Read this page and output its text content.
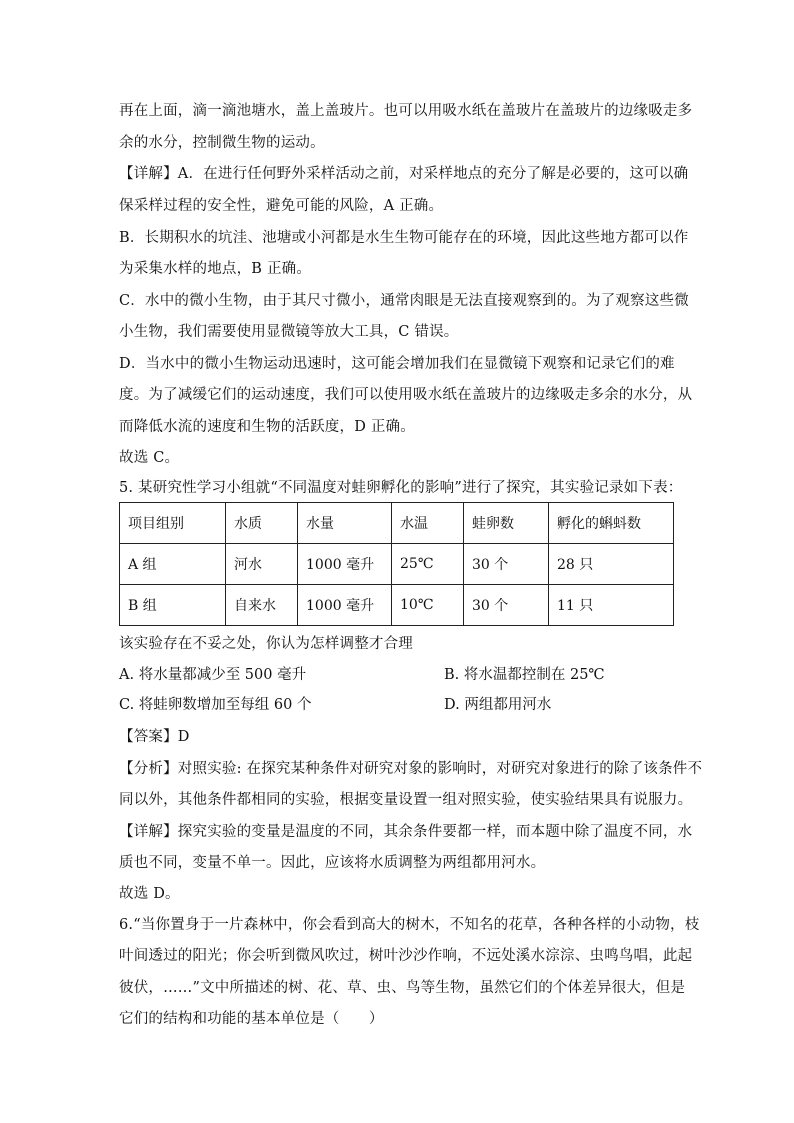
再在上面，滴一滴池塘水，盖上盖玻片。也可以用吸水纸在盖玻片在盖玻片的边缘吸走多
余的水分，控制微生物的运动。
【详解】A．在进行任何野外采样活动之前，对采样地点的充分了解是必要的，这可以确
保采样过程的安全性，避免可能的风险，A 正确。
B．长期积水的坑洼、池塘或小河都是水生生物可能存在的环境，因此这些地方都可以作
为采集水样的地点，B 正确。
C．水中的微小生物，由于其尺寸微小，通常肉眼是无法直接观察到的。为了观察这些微
小生物，我们需要使用显微镜等放大工具，C 错误。
D．当水中的微小生物运动迅速时，这可能会增加我们在显微镜下观察和记录它们的难
度。为了减缓它们的运动速度，我们可以使用吸水纸在盖玻片的边缘吸走多余的水分，从
而降低水流的速度和生物的活跃度，D 正确。
故选 C。
5. 某研究性学习小组就“不同温度对蛙卵孵化的影响”进行了探究，其实验记录如下表：
项目组别	水质	水量	水温	蛙卵数	孵化的蝌蚪数
A 组	河水	1000 毫升	25℃	30 个	28 只
B 组	自来水	1000 毫升	10℃	30 个	11 只
该实验存在不妥之处，你认为怎样调整才合理
A. 将水量都减少至 500 毫升	B. 将水温都控制在 25℃
C. 将蛙卵数增加至每组 60 个	D. 两组都用河水
【答案】D
【分析】对照实验: 在探究某种条件对研究对象的影响时，对研究对象进行的除了该条件不
同以外，其他条件都相同的实验，根据变量设置一组对照实验，使实验结果具有说服力。
【详解】探究实验的变量是温度的不同，其余条件要都一样，而本题中除了温度不同，水
质也不同，变量不单一。因此，应该将水质调整为两组都用河水。
故选 D。
6.“当你置身于一片森林中，你会看到高大的树木，不知名的花草，各种各样的小动物，枝
叶间透过的阳光；你会听到微风吹过，树叶沙沙作响，不远处溪水淙淙、虫鸣鸟唱，此起
彼伏，……”文中所描述的树、花、草、虫、鸟等生物，虽然它们的个体差异很大，但是
它们的结构和功能的基本单位是（　　）
